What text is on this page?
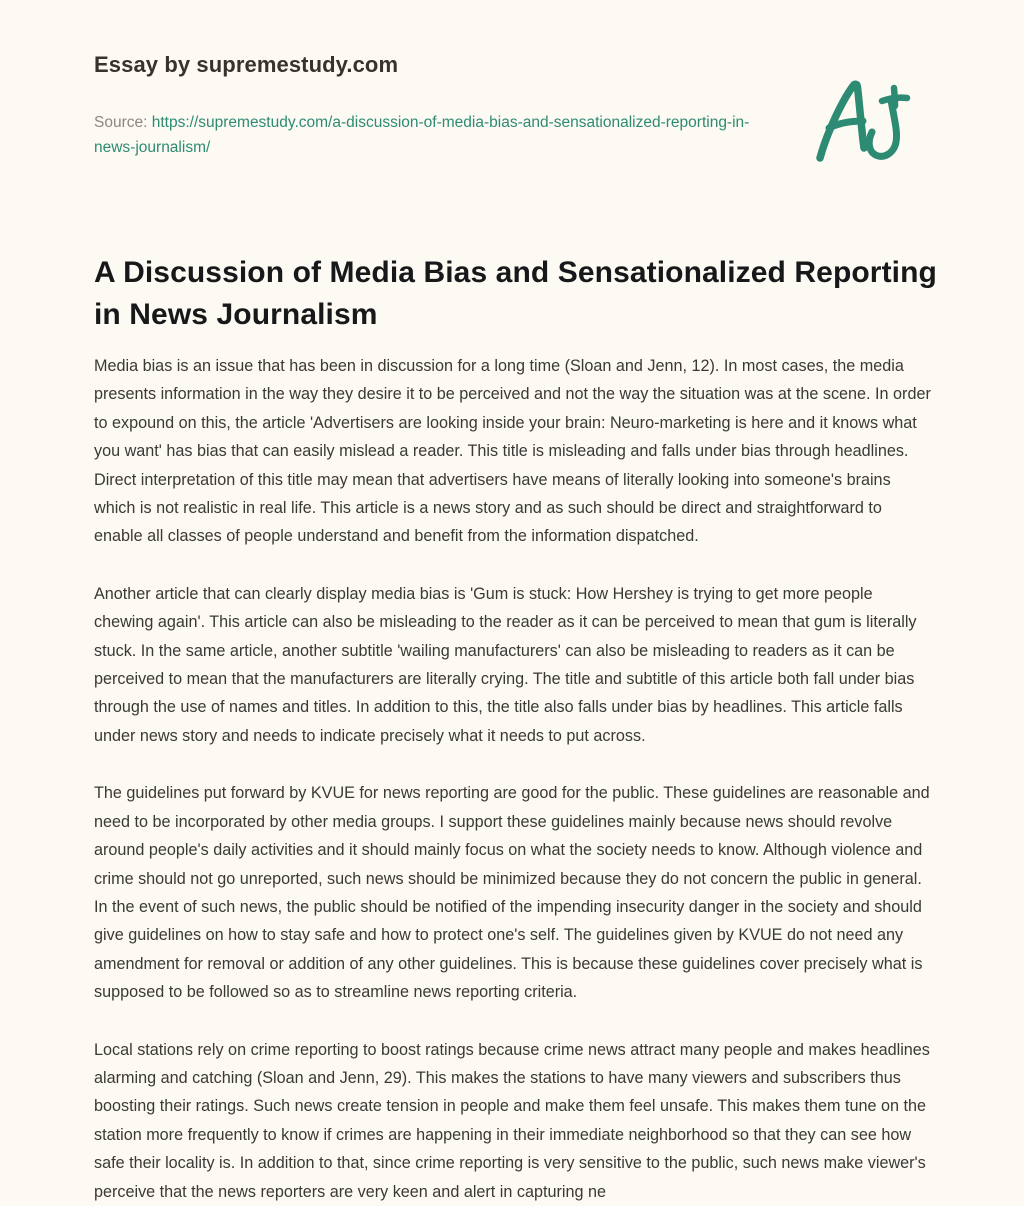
Essay by supremestudy.com
Source: https://supremestudy.com/a-discussion-of-media-bias-and-sensationalized-reporting-in-news-journalism/
A Discussion of Media Bias and Sensationalized Reporting in News Journalism

Media bias is an issue that has been in discussion for a long time (Sloan and Jenn, 12). In most cases, the media presents information in the way they desire it to be perceived and not the way the situation was at the scene. In order to expound on this, the article 'Advertisers are looking inside your brain: Neuro-marketing is here and it knows what you want' has bias that can easily mislead a reader. This title is misleading and falls under bias through headlines. Direct interpretation of this title may mean that advertisers have means of literally looking into someone's brains which is not realistic in real life. This article is a news story and as such should be direct and straightforward to enable all classes of people understand and benefit from the information dispatched.

Another article that can clearly display media bias is 'Gum is stuck: How Hershey is trying to get more people chewing again'. This article can also be misleading to the reader as it can be perceived to mean that gum is literally stuck. In the same article, another subtitle 'wailing manufacturers' can also be misleading to readers as it can be perceived to mean that the manufacturers are literally crying. The title and subtitle of this article both fall under bias through the use of names and titles. In addition to this, the title also falls under bias by headlines. This article falls under news story and needs to indicate precisely what it needs to put across.

The guidelines put forward by KVUE for news reporting are good for the public. These guidelines are reasonable and need to be incorporated by other media groups. I support these guidelines mainly because news should revolve around people's daily activities and it should mainly focus on what the society needs to know. Although violence and crime should not go unreported, such news should be minimized because they do not concern the public in general. In the event of such news, the public should be notified of the impending insecurity danger in the society and should give guidelines on how to stay safe and how to protect one's self. The guidelines given by KVUE do not need any amendment for removal or addition of any other guidelines. This is because these guidelines cover precisely what is supposed to be followed so as to streamline news reporting criteria.

Local stations rely on crime reporting to boost ratings because crime news attract many people and makes headlines alarming and catching (Sloan and Jenn, 29). This makes the stations to have many viewers and subscribers thus boosting their ratings. Such news create tension in people and make them feel unsafe. This makes them tune on the station more frequently to know if crimes are happening in their immediate neighborhood so that they can see how safe their locality is. In addition to that, since crime reporting is very sensitive to the public, such news make viewer's perceive that the news reporters are very keen and alert in capturing ne
